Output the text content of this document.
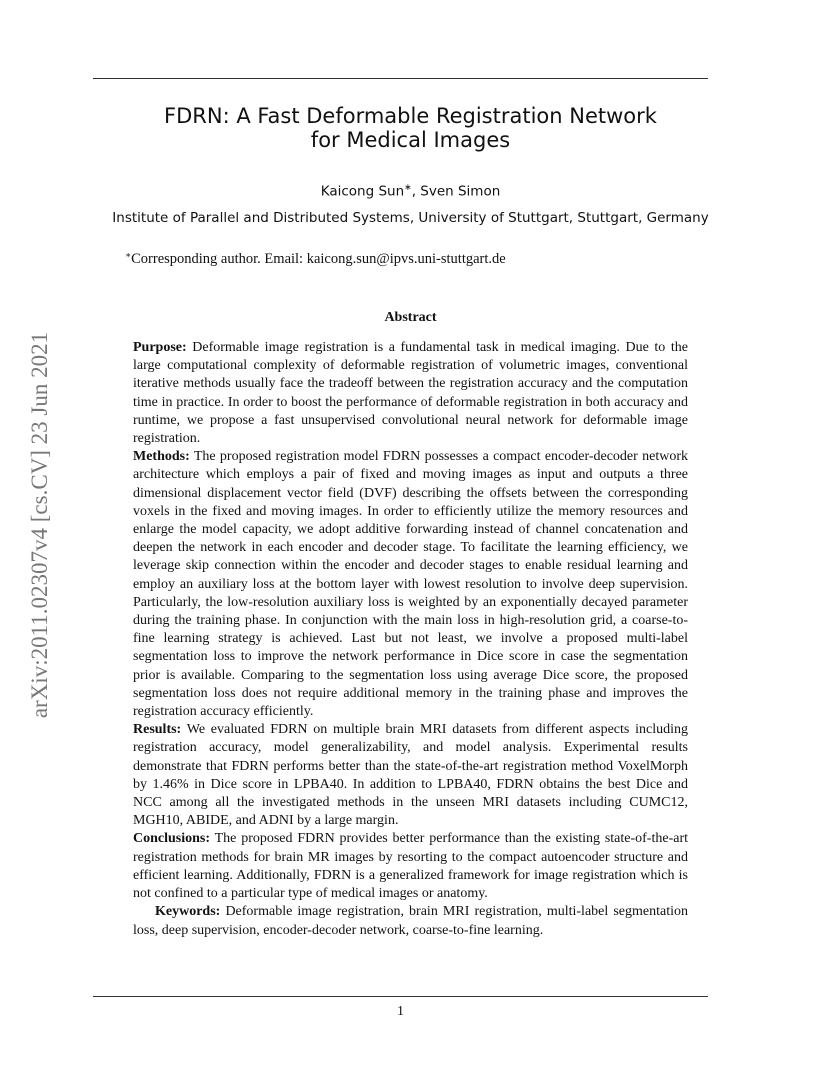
arXiv:2011.02307v4 [cs.CV] 23 Jun 2021
FDRN: A Fast Deformable Registration Network
for Medical Images
Kaicong Sun∗, Sven Simon
Institute of Parallel and Distributed Systems, University of Stuttgart, Stuttgart, Germany
∗Corresponding author. Email: kaicong.sun@ipvs.uni-stuttgart.de
Abstract

Purpose: Deformable image registration is a fundamental task in medical imaging. Due to the large computational complexity of deformable registration of volumetric images, conventional iterative methods usually face the tradeoff between the registration accuracy and the computation time in practice. In order to boost the performance of deformable registration in both accuracy and runtime, we propose a fast unsupervised convolutional neural network for deformable image registration.

Methods: The proposed registration model FDRN possesses a compact encoder-decoder network architecture which employs a pair of fixed and moving images as input and outputs a three dimensional displacement vector field (DVF) describing the offsets between the corresponding voxels in the fixed and moving images. In order to efficiently utilize the memory resources and enlarge the model capacity, we adopt additive forwarding instead of channel concatenation and deepen the network in each encoder and decoder stage. To facilitate the learning efficiency, we leverage skip connection within the encoder and decoder stages to enable residual learning and employ an auxiliary loss at the bottom layer with lowest resolution to involve deep supervision. Particularly, the low-resolution auxiliary loss is weighted by an exponentially decayed parameter during the training phase. In conjunction with the main loss in high-resolution grid, a coarse-to-fine learning strategy is achieved. Last but not least, we involve a proposed multi-label segmentation loss to improve the network performance in Dice score in case the segmentation prior is available. Comparing to the segmentation loss using average Dice score, the proposed segmentation loss does not require additional memory in the training phase and improves the registration accuracy efficiently.

Results: We evaluated FDRN on multiple brain MRI datasets from different aspects including registration accuracy, model generalizability, and model analysis. Experimental results demonstrate that FDRN performs better than the state-of-the-art registration method VoxelMorph by 1.46% in Dice score in LPBA40. In addition to LPBA40, FDRN obtains the best Dice and NCC among all the investigated methods in the unseen MRI datasets including CUMC12, MGH10, ABIDE, and ADNI by a large margin.

Conclusions: The proposed FDRN provides better performance than the existing state-of-the-art registration methods for brain MR images by resorting to the compact autoencoder structure and efficient learning. Additionally, FDRN is a generalized framework for image registration which is not confined to a particular type of medical images or anatomy.

Keywords: Deformable image registration, brain MRI registration, multi-label segmentation loss, deep supervision, encoder-decoder network, coarse-to-fine learning.

1
